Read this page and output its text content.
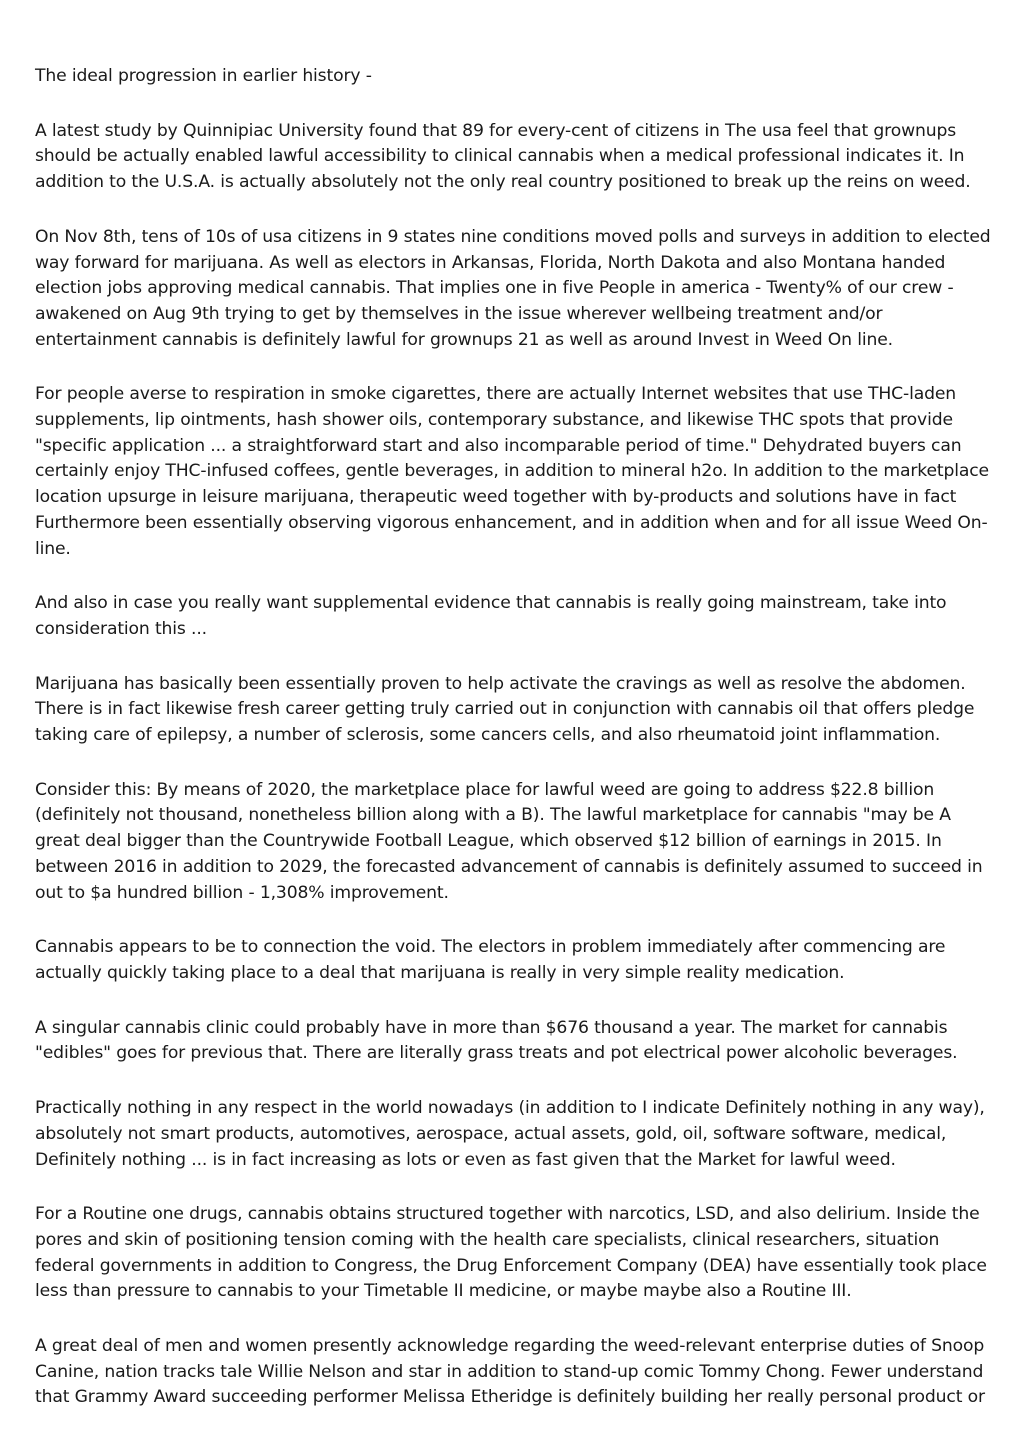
The ideal progression in earlier history -

A latest study by Quinnipiac University found that 89 for every-cent of citizens in The usa feel that grownups should be actually enabled lawful accessibility to clinical cannabis when a medical professional indicates it. In addition to the U.S.A. is actually absolutely not the only real country positioned to break up the reins on weed.

On Nov 8th, tens of 10s of usa citizens in 9 states nine conditions moved polls and surveys in addition to elected way forward for marijuana. As well as electors in Arkansas, Florida, North Dakota and also Montana handed election jobs approving medical cannabis. That implies one in five People in america - Twenty% of our crew - awakened on Aug 9th trying to get by themselves in the issue wherever wellbeing treatment and/or entertainment cannabis is definitely lawful for grownups 21 as well as around Invest in Weed On line.

For people averse to respiration in smoke cigarettes, there are actually Internet websites that use THC-laden supplements, lip ointments, hash shower oils, contemporary substance, and likewise THC spots that provide "specific application ... a straightforward start and also incomparable period of time." Dehydrated buyers can certainly enjoy THC-infused coffees, gentle beverages, in addition to mineral h2o. In addition to the marketplace location upsurge in leisure marijuana, therapeutic weed together with by-products and solutions have in fact Furthermore been essentially observing vigorous enhancement, and in addition when and for all issue Weed On-line.

And also in case you really want supplemental evidence that cannabis is really going mainstream, take into consideration this ...

Marijuana has basically been essentially proven to help activate the cravings as well as resolve the abdomen. There is in fact likewise fresh career getting truly carried out in conjunction with cannabis oil that offers pledge taking care of epilepsy, a number of sclerosis, some cancers cells, and also rheumatoid joint inflammation.

Consider this: By means of 2020, the marketplace place for lawful weed are going to address $22.8 billion (definitely not thousand, nonetheless billion along with a B). The lawful marketplace for cannabis "may be A great deal bigger than the Countrywide Football League, which observed $12 billion of earnings in 2015. In between 2016 in addition to 2029, the forecasted advancement of cannabis is definitely assumed to succeed in out to $a hundred billion - 1,308% improvement.

Cannabis appears to be to connection the void. The electors in problem immediately after commencing are actually quickly taking place to a deal that marijuana is really in very simple reality medication.

A singular cannabis clinic could probably have in more than $676 thousand a year. The market for cannabis "edibles" goes for previous that. There are literally grass treats and pot electrical power alcoholic beverages.

Practically nothing in any respect in the world nowadays (in addition to I indicate Definitely nothing in any way), absolutely not smart products, automotives, aerospace, actual assets, gold, oil, software software, medical, Definitely nothing ... is in fact increasing as lots or even as fast given that the Market for lawful weed.

For a Routine one drugs, cannabis obtains structured together with narcotics, LSD, and also delirium. Inside the pores and skin of positioning tension coming with the health care specialists, clinical researchers, situation federal governments in addition to Congress, the Drug Enforcement Company (DEA) have essentially took place less than pressure to cannabis to your Timetable II medicine, or maybe maybe also a Routine III.

A great deal of men and women presently acknowledge regarding the weed-relevant enterprise duties of Snoop Canine, nation tracks tale Willie Nelson and star in addition to stand-up comic Tommy Chong. Fewer understand that Grammy Award succeeding performer Melissa Etheridge is definitely building her really personal product or
